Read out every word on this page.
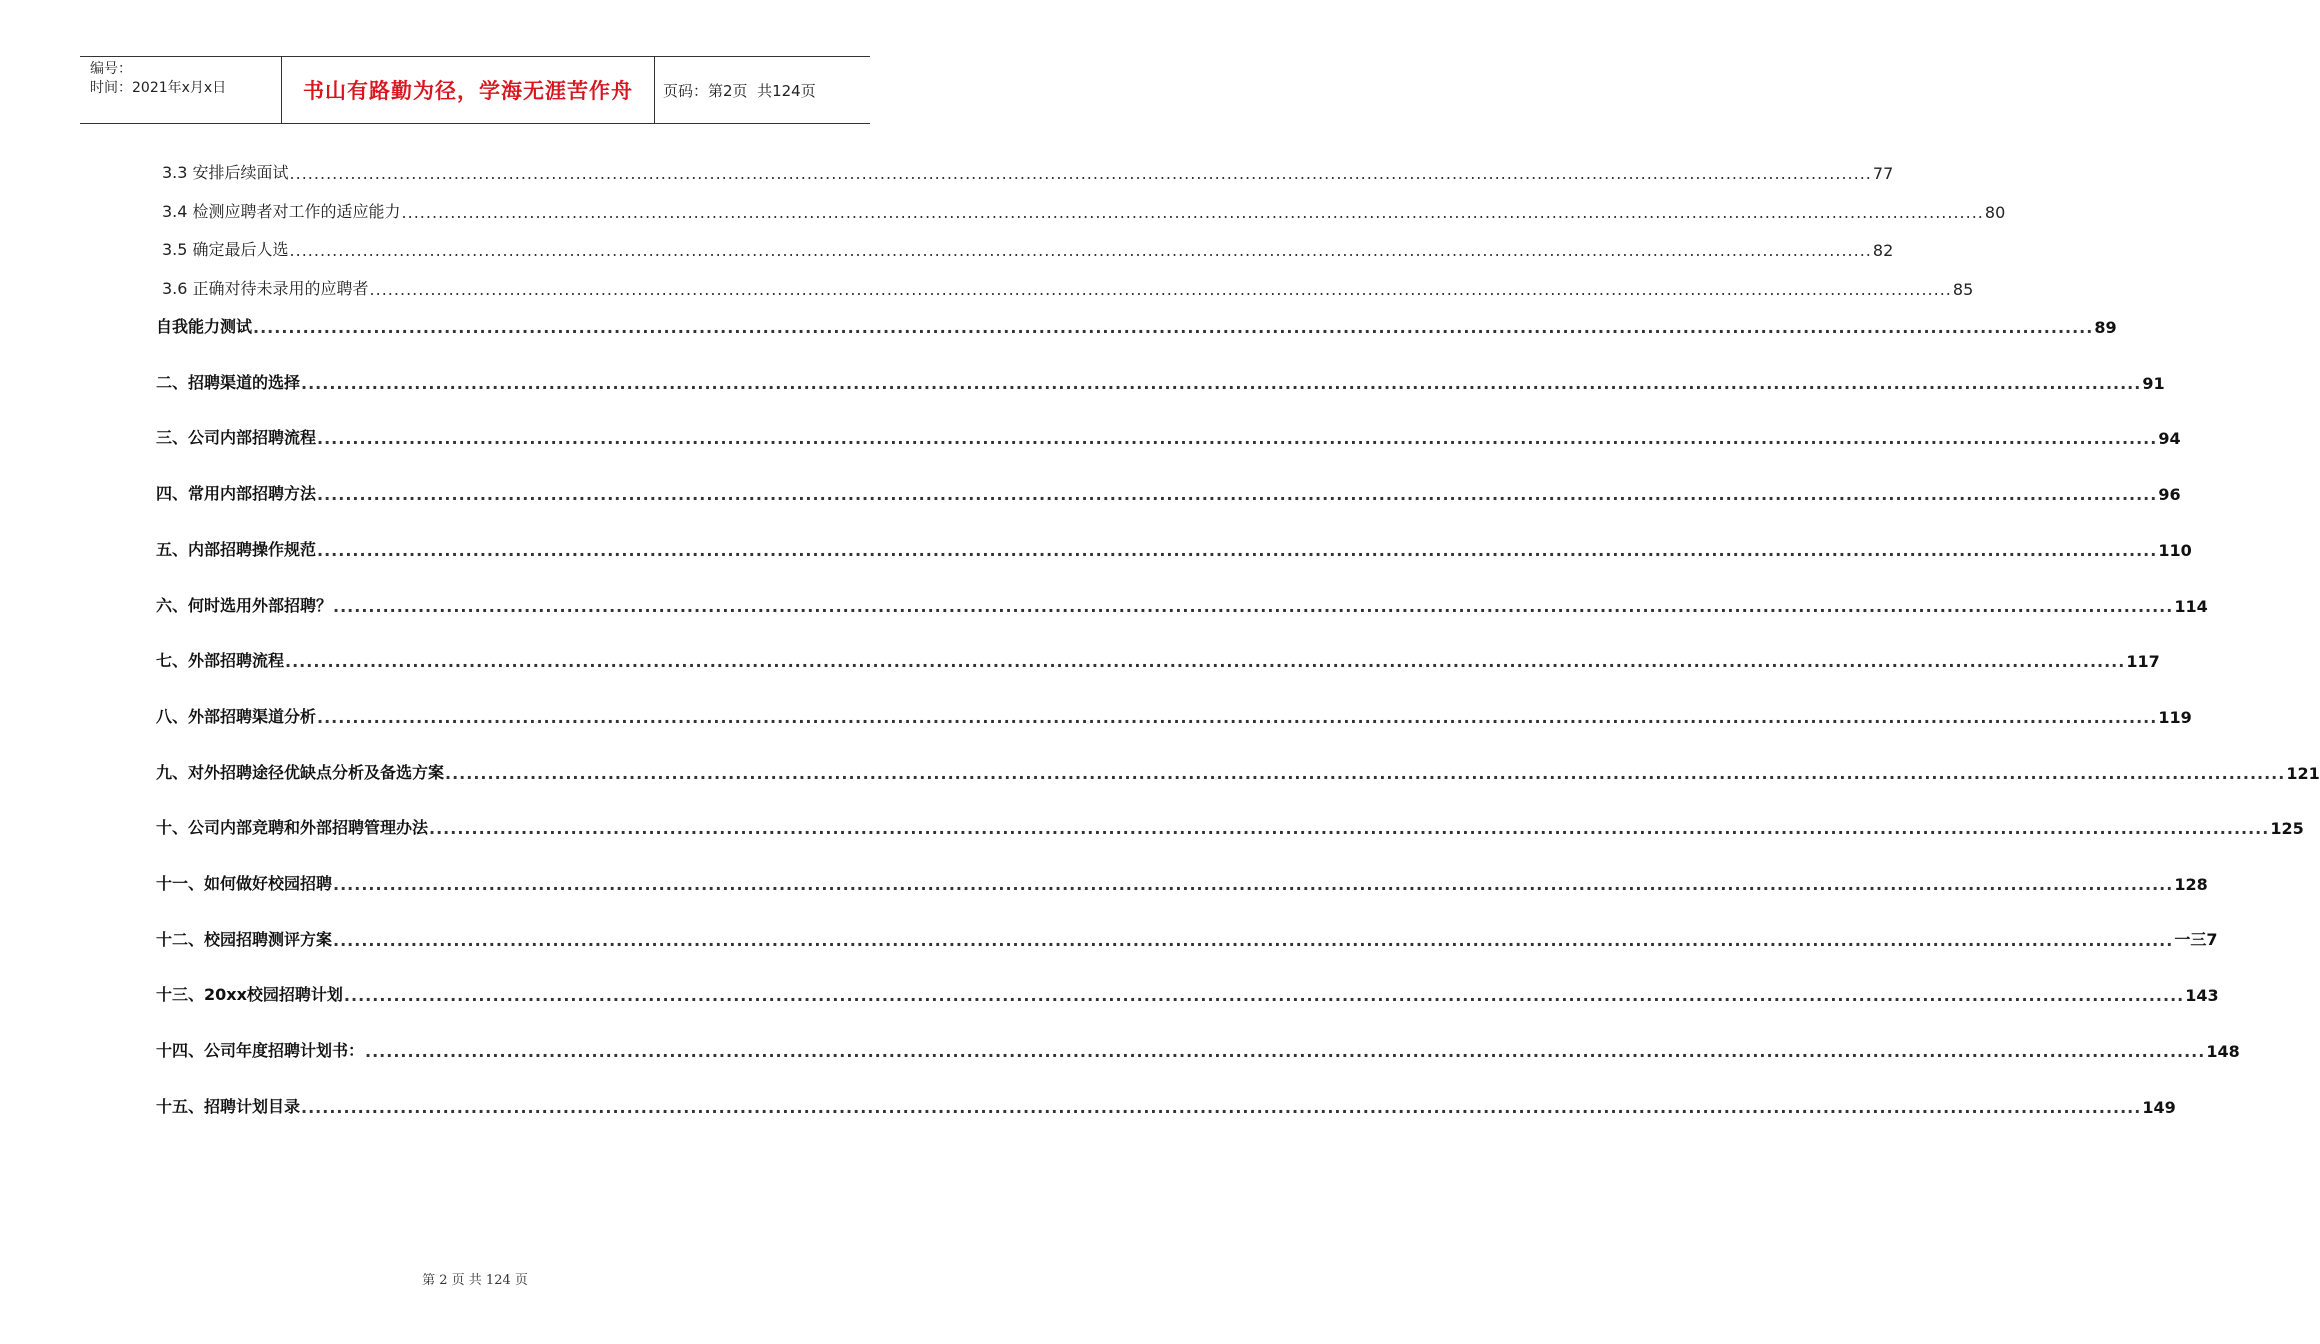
编号：
时间：2021年x月x日	书山有路勤为径，学海无涯苦作舟	页码：第2页  共124页
3.3 安排后续面试 .................................................................................................................................................................................................................................................................... 77
3.4 检测应聘者对工作的适应能力 .................................................................................................................................................................................................................................................................... 80
3.5 确定最后人选 .................................................................................................................................................................................................................................................................... 82
3.6 正确对待未录用的应聘者 .................................................................................................................................................................................................................................................................... 85
自我能力测试 .................................................................................................................................................................................................................................................................... 89
二、招聘渠道的选择 .................................................................................................................................................................................................................................................................... 91
三、公司内部招聘流程 .................................................................................................................................................................................................................................................................... 94
四、常用内部招聘方法 .................................................................................................................................................................................................................................................................... 96
五、内部招聘操作规范 .................................................................................................................................................................................................................................................................... 110
六、何时选用外部招聘？ .................................................................................................................................................................................................................................................................... 114
七、外部招聘流程 .................................................................................................................................................................................................................................................................... 117
八、外部招聘渠道分析 .................................................................................................................................................................................................................................................................... 119
九、对外招聘途径优缺点分析及备选方案 .................................................................................................................................................................................................................................................................... 121
十、公司内部竞聘和外部招聘管理办法 .................................................................................................................................................................................................................................................................... 125
十一、如何做好校园招聘 .................................................................................................................................................................................................................................................................... 128
十二、校园招聘测评方案 .................................................................................................................................................................................................................................................................... 一三7
十三、20xx校园招聘计划 .................................................................................................................................................................................................................................................................... 143
十四、公司年度招聘计划书： .................................................................................................................................................................................................................................................................... 148
十五、招聘计划目录 .................................................................................................................................................................................................................................................................... 149
第 2 页 共 124 页
